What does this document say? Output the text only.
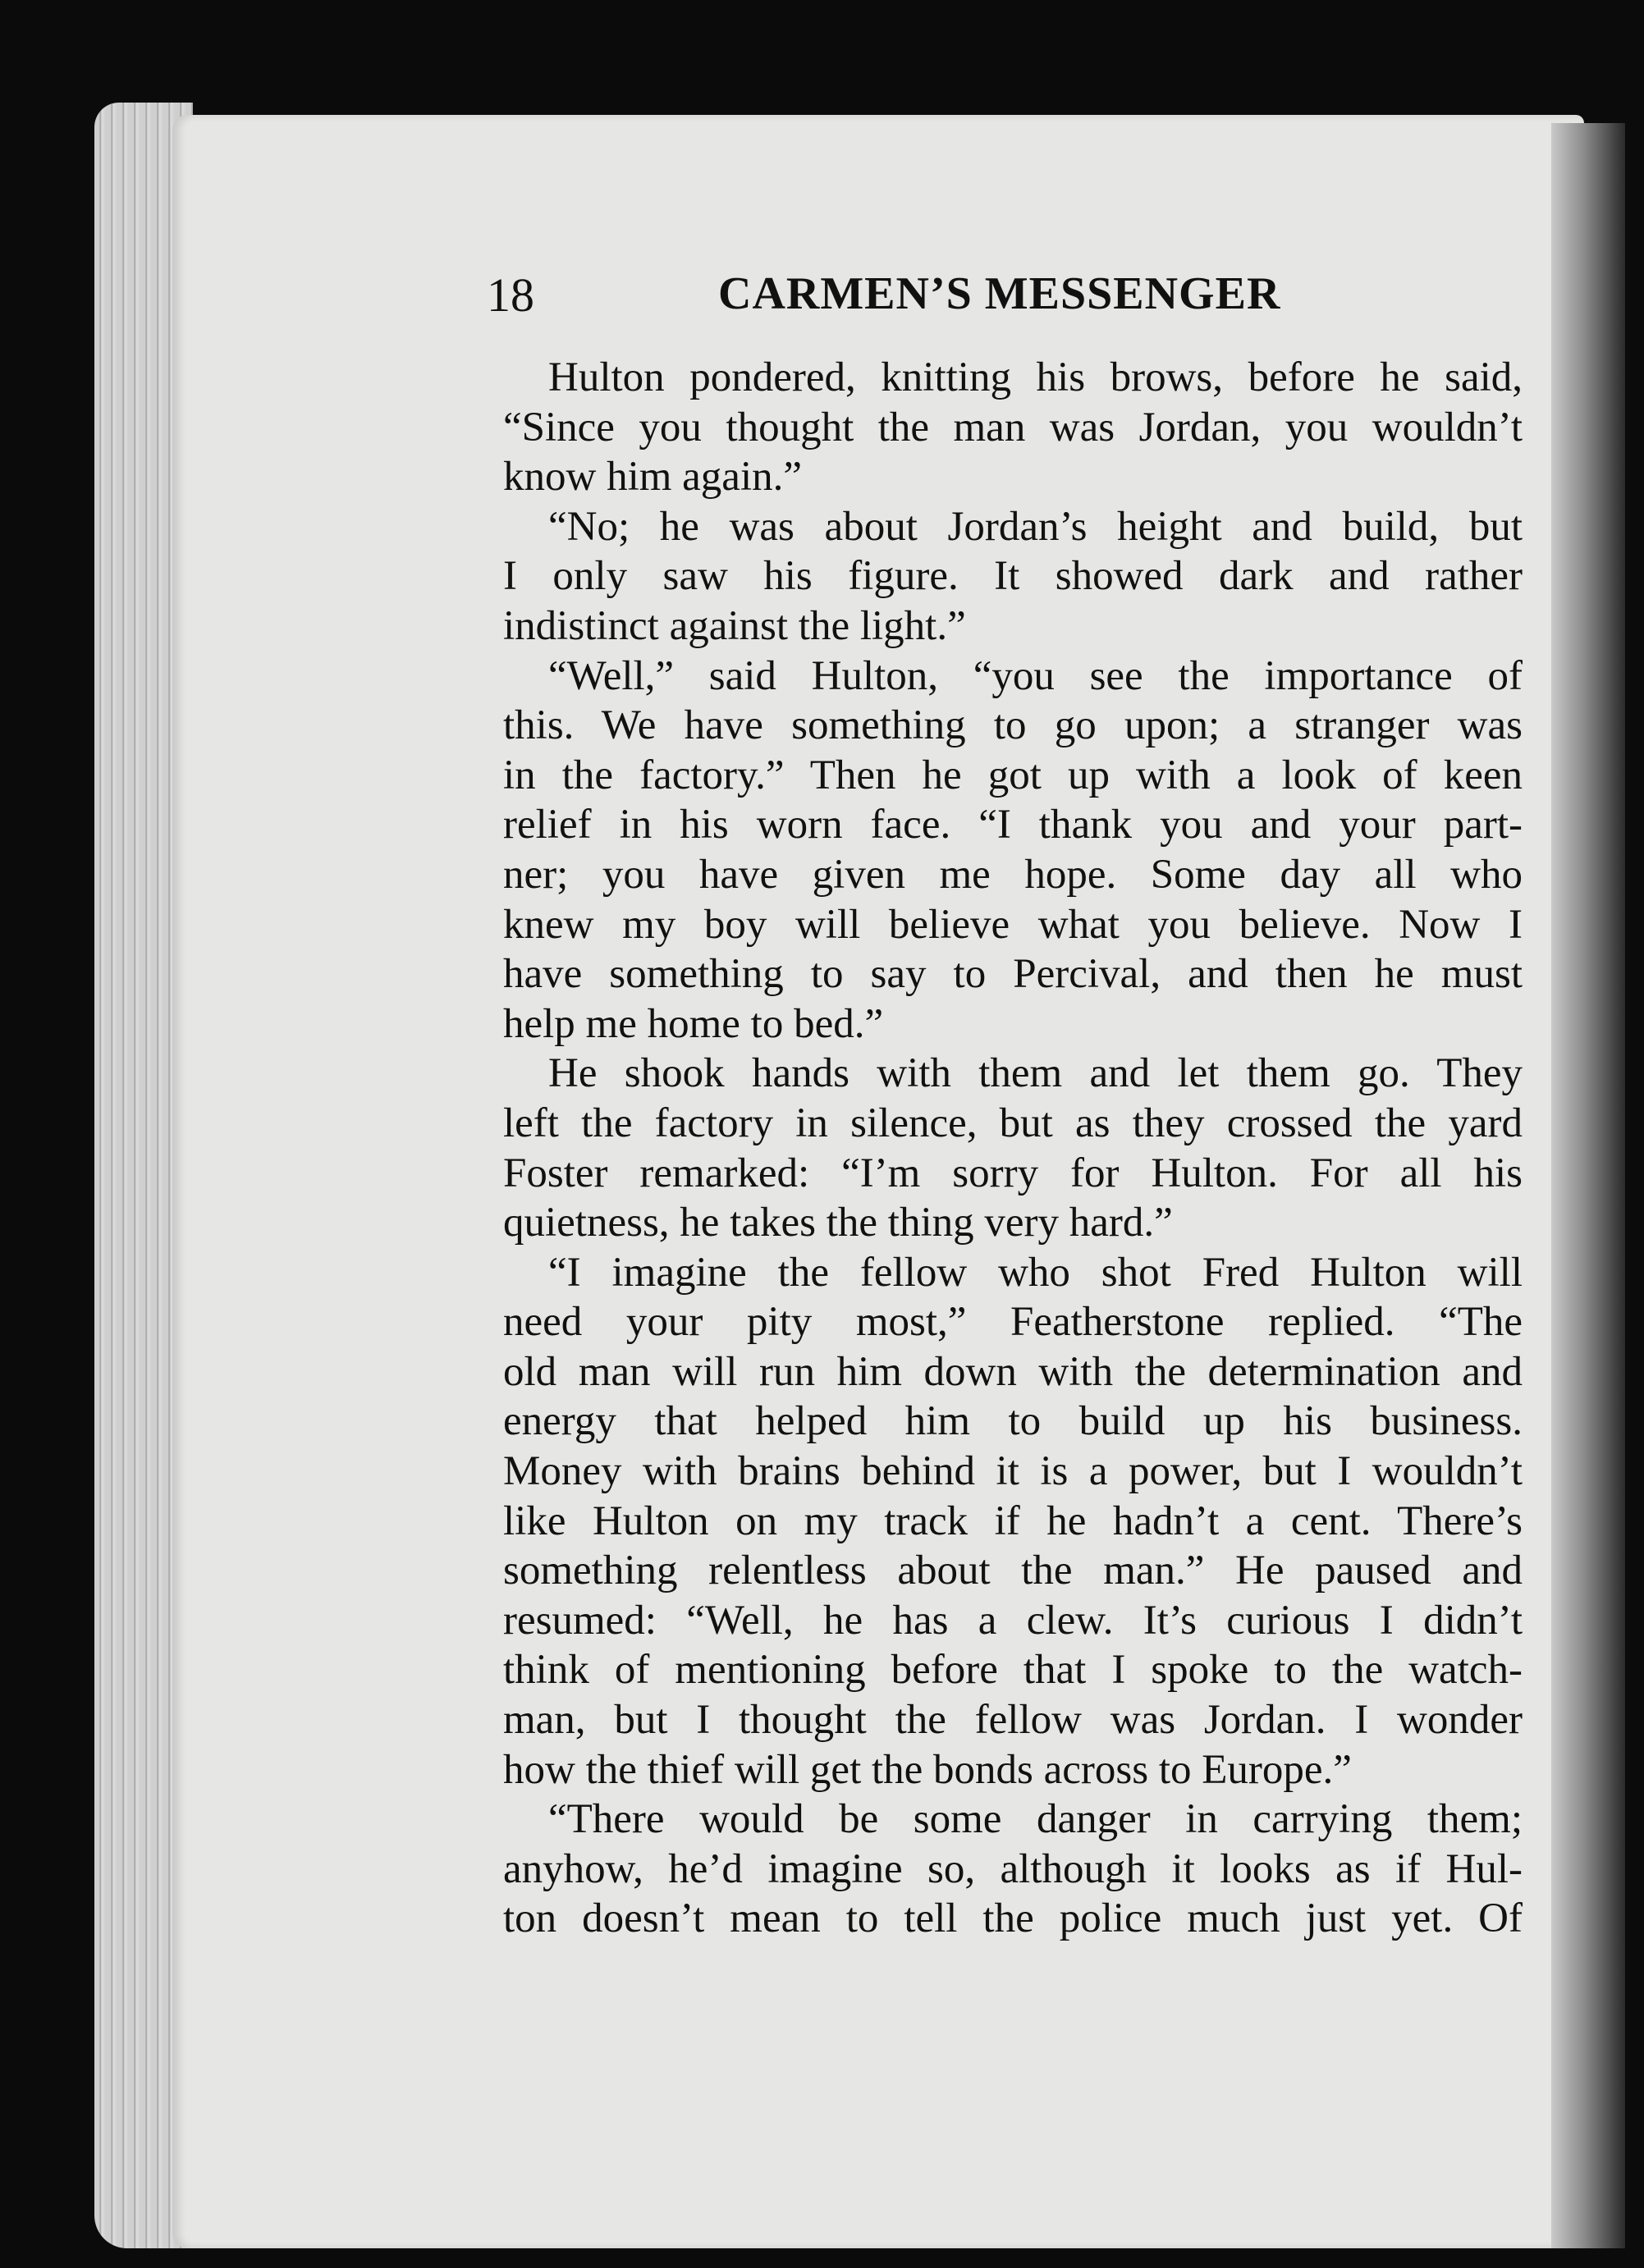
18	CARMEN’S MESSENGER

Hulton pondered, knitting his brows, before he said,
“Since you thought the man was Jordan, you wouldn’t
know him again.”

“No; he was about Jordan’s height and build, but
I only saw his figure. It showed dark and rather
indistinct against the light.”

“Well,” said Hulton, “you see the importance of
this. We have something to go upon; a stranger was
in the factory.” Then he got up with a look of keen
relief in his worn face. “I thank you and your part-
ner; you have given me hope. Some day all who
knew my boy will believe what you believe. Now I
have something to say to Percival, and then he must
help me home to bed.”

He shook hands with them and let them go. They
left the factory in silence, but as they crossed the yard
Foster remarked: “I’m sorry for Hulton. For all his
quietness, he takes the thing very hard.”

“I imagine the fellow who shot Fred Hulton will
need your pity most,” Featherstone replied. “The
old man will run him down with the determination and
energy that helped him to build up his business.
Money with brains behind it is a power, but I wouldn’t
like Hulton on my track if he hadn’t a cent. There’s
something relentless about the man.” He paused and
resumed: “Well, he has a clew. It’s curious I didn’t
think of mentioning before that I spoke to the watch-
man, but I thought the fellow was Jordan. I wonder
how the thief will get the bonds across to Europe.”

“There would be some danger in carrying them;
anyhow, he’d imagine so, although it looks as if Hul-
ton doesn’t mean to tell the police much just yet. Of
